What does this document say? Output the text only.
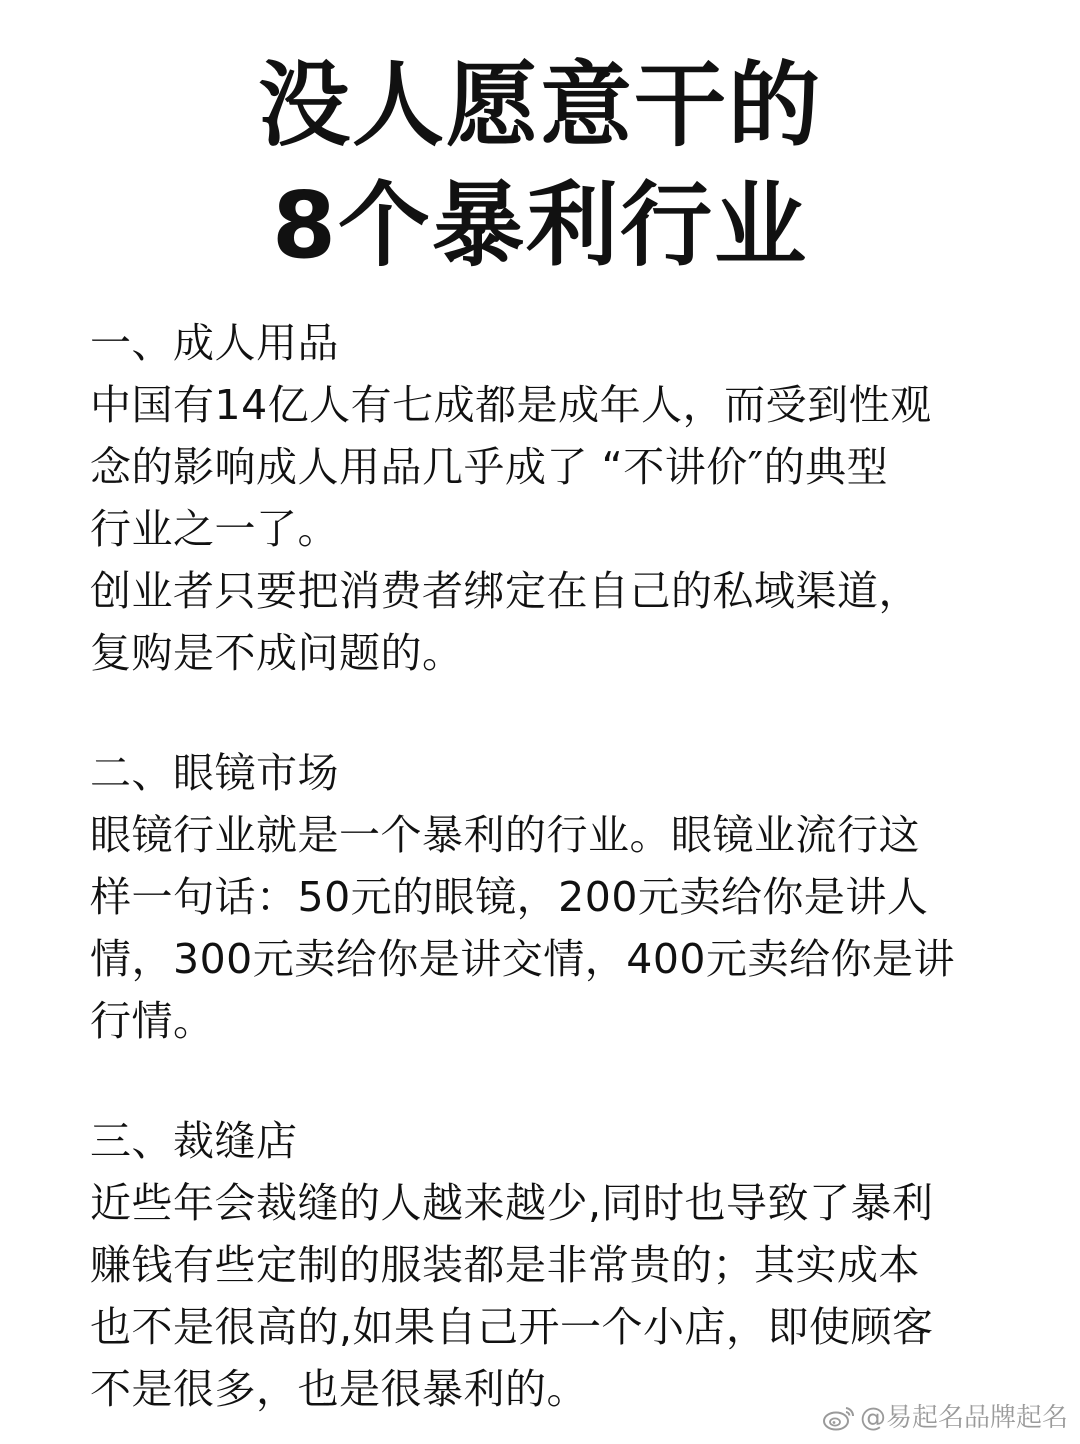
没人愿意干的
8个暴利行业
一、成人用品
中国有14亿人有七成都是成年人，而受到性观
念的影响成人用品几乎成了 “不讲价″的典型
行业之一了。
创业者只要把消费者绑定在自己的私域渠道，
复购是不成问题的。
二、眼镜市场
眼镜行业就是一个暴利的行业。眼镜业流行这
样一句话：50元的眼镜，200元卖给你是讲人
情，300元卖给你是讲交情，400元卖给你是讲
行情。
三、裁缝店
近些年会裁缝的人越来越少,同时也导致了暴利
赚钱有些定制的服装都是非常贵的；其实成本
也不是很高的,如果自己开一个小店，即使顾客
不是很多，也是很暴利的。
@易起名品牌起名
